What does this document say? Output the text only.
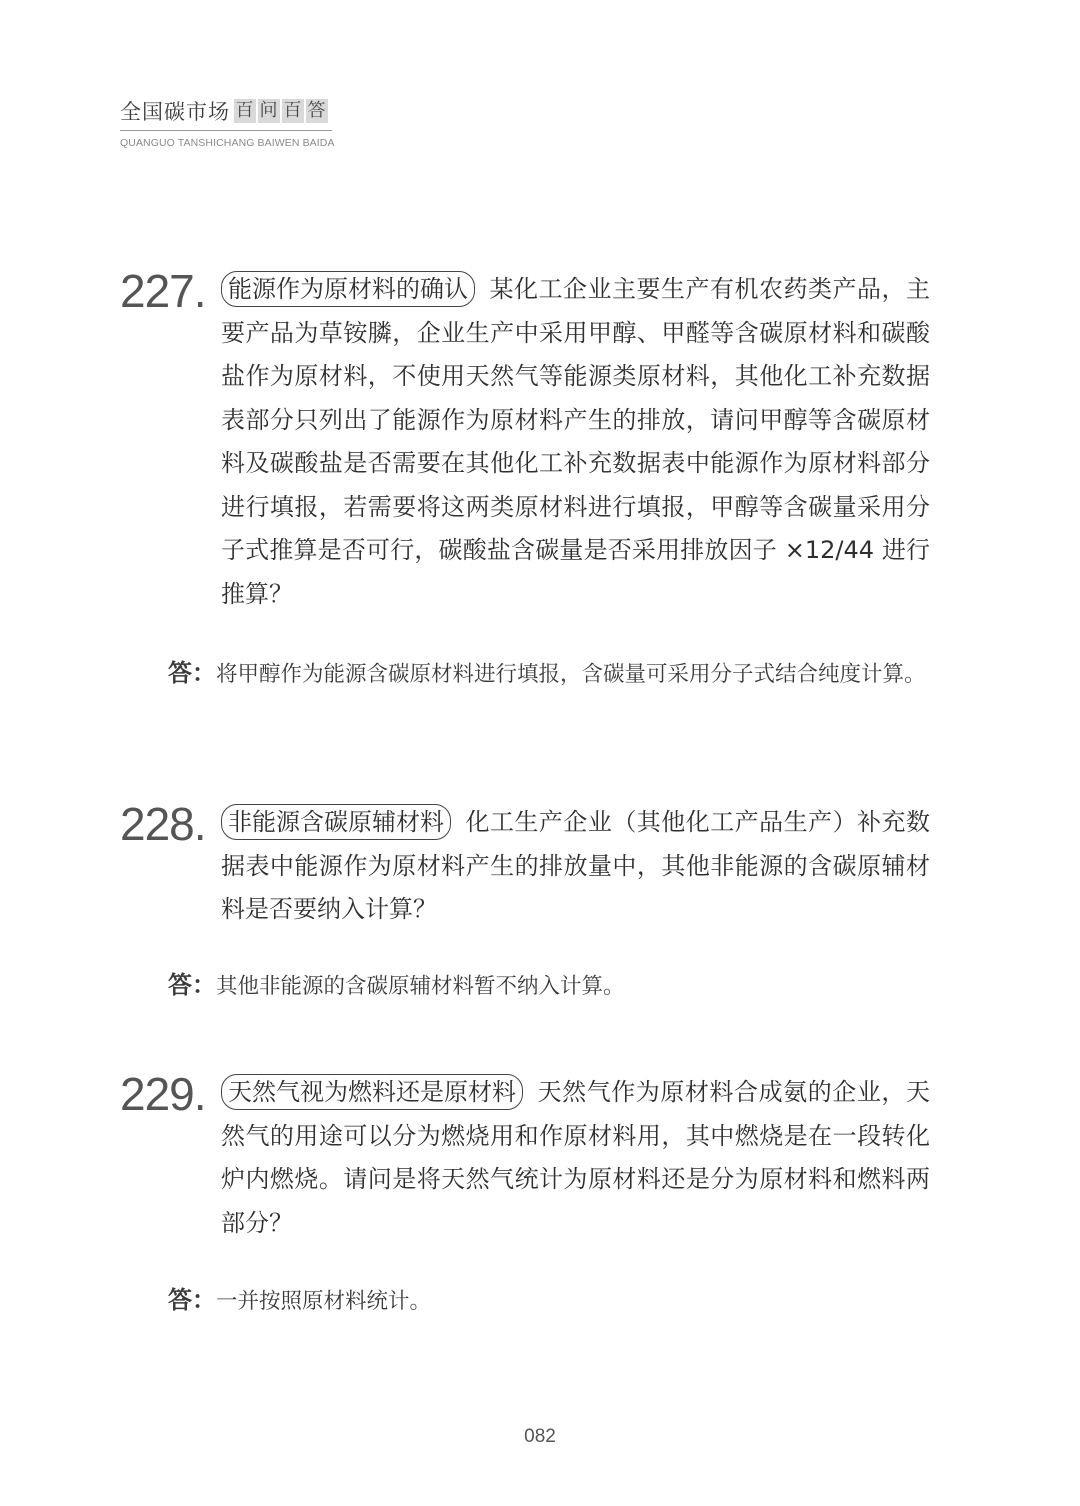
全国碳市场 百 问 百 答
QUANGUO TANSHICHANG BAIWEN BAIDA
227. 能源作为原材料的确认 某化工企业主要生产有机农药类产品，主要产品为草铵膦，企业生产中采用甲醇、甲醛等含碳原材料和碳酸盐作为原材料，不使用天然气等能源类原材料，其他化工补充数据表部分只列出了能源作为原材料产生的排放，请问甲醇等含碳原材料及碳酸盐是否需要在其他化工补充数据表中能源作为原材料部分进行填报，若需要将这两类原材料进行填报，甲醇等含碳量采用分子式推算是否可行，碳酸盐含碳量是否采用排放因子 ×12/44 进行推算？
答：将甲醇作为能源含碳原材料进行填报，含碳量可采用分子式结合纯度计算。
228. 非能源含碳原辅材料 化工生产企业（其他化工产品生产）补充数据表中能源作为原材料产生的排放量中，其他非能源的含碳原辅材料是否要纳入计算？
答：其他非能源的含碳原辅材料暂不纳入计算。
229. 天然气视为燃料还是原材料 天然气作为原材料合成氨的企业，天然气的用途可以分为燃烧用和作原材料用，其中燃烧是在一段转化炉内燃烧。请问是将天然气统计为原材料还是分为原材料和燃料两部分？
答：一并按照原材料统计。
082
